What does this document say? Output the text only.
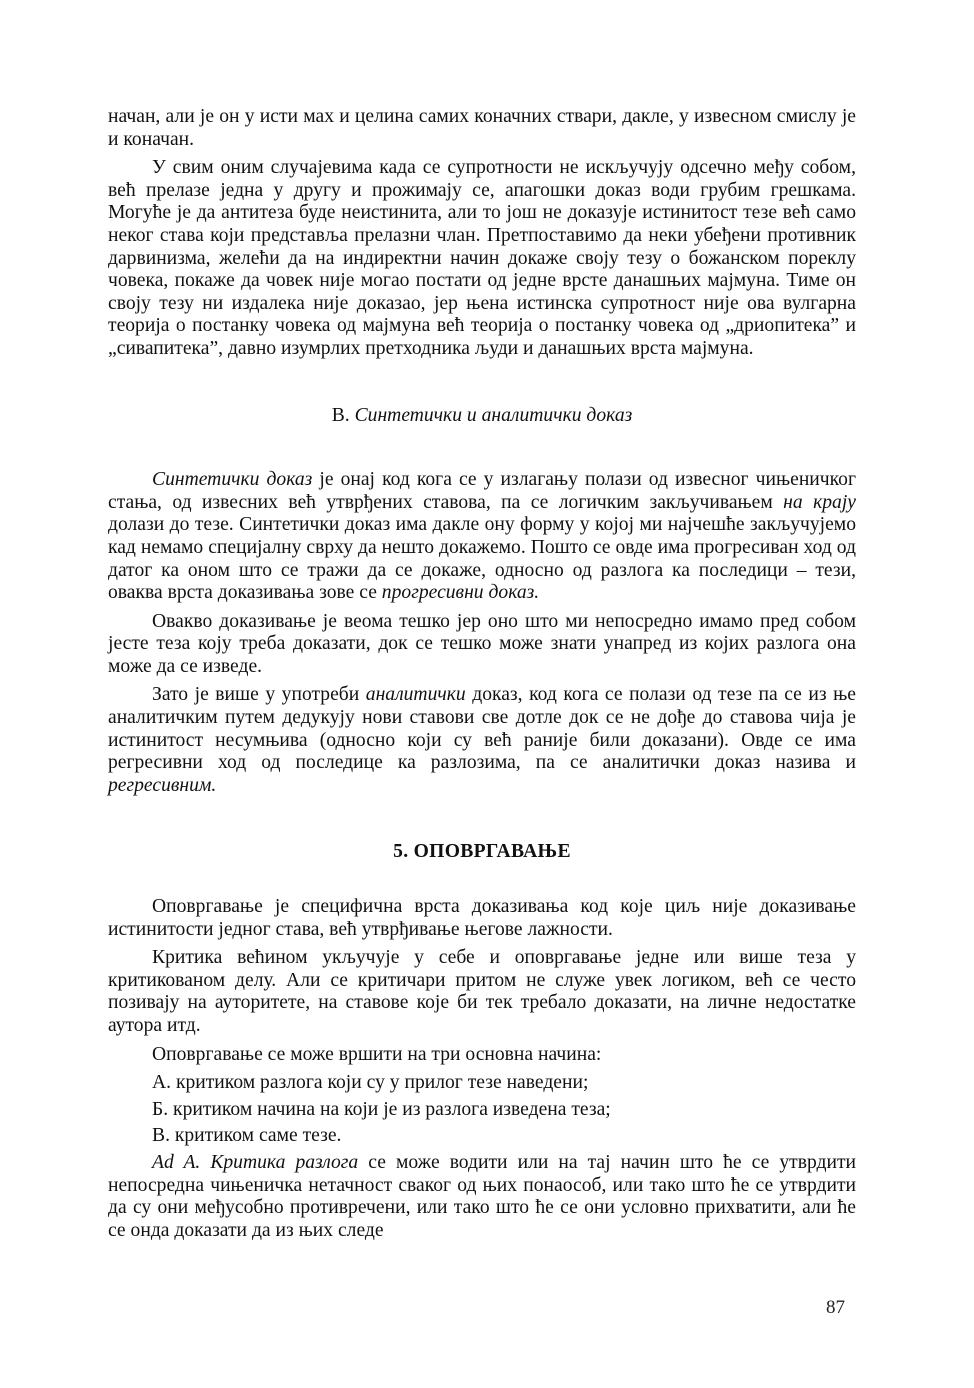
начан, али је он у исти мах и целина самих коначних ствари, дакле, у извесном смислу је и коначан.

У свим оним случајевима када се супротности не искључују одсечно међу собом, већ прелазе једна у другу и прожимају се, апагошки доказ води грубим грешкама. Могуће је да антитеза буде неистинита, али то још не доказује истинитост тезе већ само неког става који представља прелазни члан. Претпоставимо да неки убеђени противник дарвинизма, желећи да на индиректни начин докаже своју тезу о божанском пореклу човека, покаже да човек није могао постати од једне врсте данашњих мајмуна. Тиме он своју тезу ни издалека није доказао, јер њена истинска супротност није ова вулгарна теорија о постанку човека од мајмуна већ теорија о постанку човека од „дриопитека” и „сивапитека”, давно изумрлих претходника људи и данашњих врста мајмуна.

В. Синтетички и аналитички доказ

Синтетички доказ је онај код кога се у излагању полази од извесног чињеничког стања, од извесних већ утврђених ставова, па се логичким закључивањем на крају долази до тезе. Синтетички доказ има дакле ону форму у којој ми најчешће закључујемо кад немамо специјалну сврху да нешто докажемо. Пошто се овде има прогресиван ход од датог ка оном што се тражи да се докаже, односно од разлога ка последици – тези, оваква врста доказивања зове се прогресивни доказ.

Овакво доказивање је веома тешко јер оно што ми непосредно имамо пред собом јесте теза коју треба доказати, док се тешко може знати унапред из којих разлога она може да се изведе.

Зато је више у употреби аналитички доказ, код кога се полази од тезе па се из ње аналитичким путем дедукују нови ставови све дотле док се не дође до ставова чија је истинитост несумњива (односно који су већ раније били доказани). Овде се има регресивни ход од последице ка разлозима, па се аналитички доказ назива и регресивним.

5. ОПОВРГАВАЊЕ

Оповргавање је специфична врста доказивања код које циљ није доказивање истинитости једног става, већ утврђивање његове лажности.

Критика већином укључује у себе и оповргавање једне или више теза у критикованом делу. Али се критичари притом не служе увек логиком, већ се често позивају на ауторитете, на ставове које би тек требало доказати, на личне недостатке аутора итд.

Оповргавање се може вршити на три основна начина:

А. критиком разлога који су у прилог тезе наведени;

Б. критиком начина на који је из разлога изведена теза;

В. критиком саме тезе.

Ad A. Критика разлога се може водити или на тај начин што ће се утврдити непосредна чињеничка нетачност сваког од њих понаособ, или тако што ће се утврдити да су они међусобно противречени, или тако што ће се они условно прихватити, али ће се онда доказати да из њих следе

87
